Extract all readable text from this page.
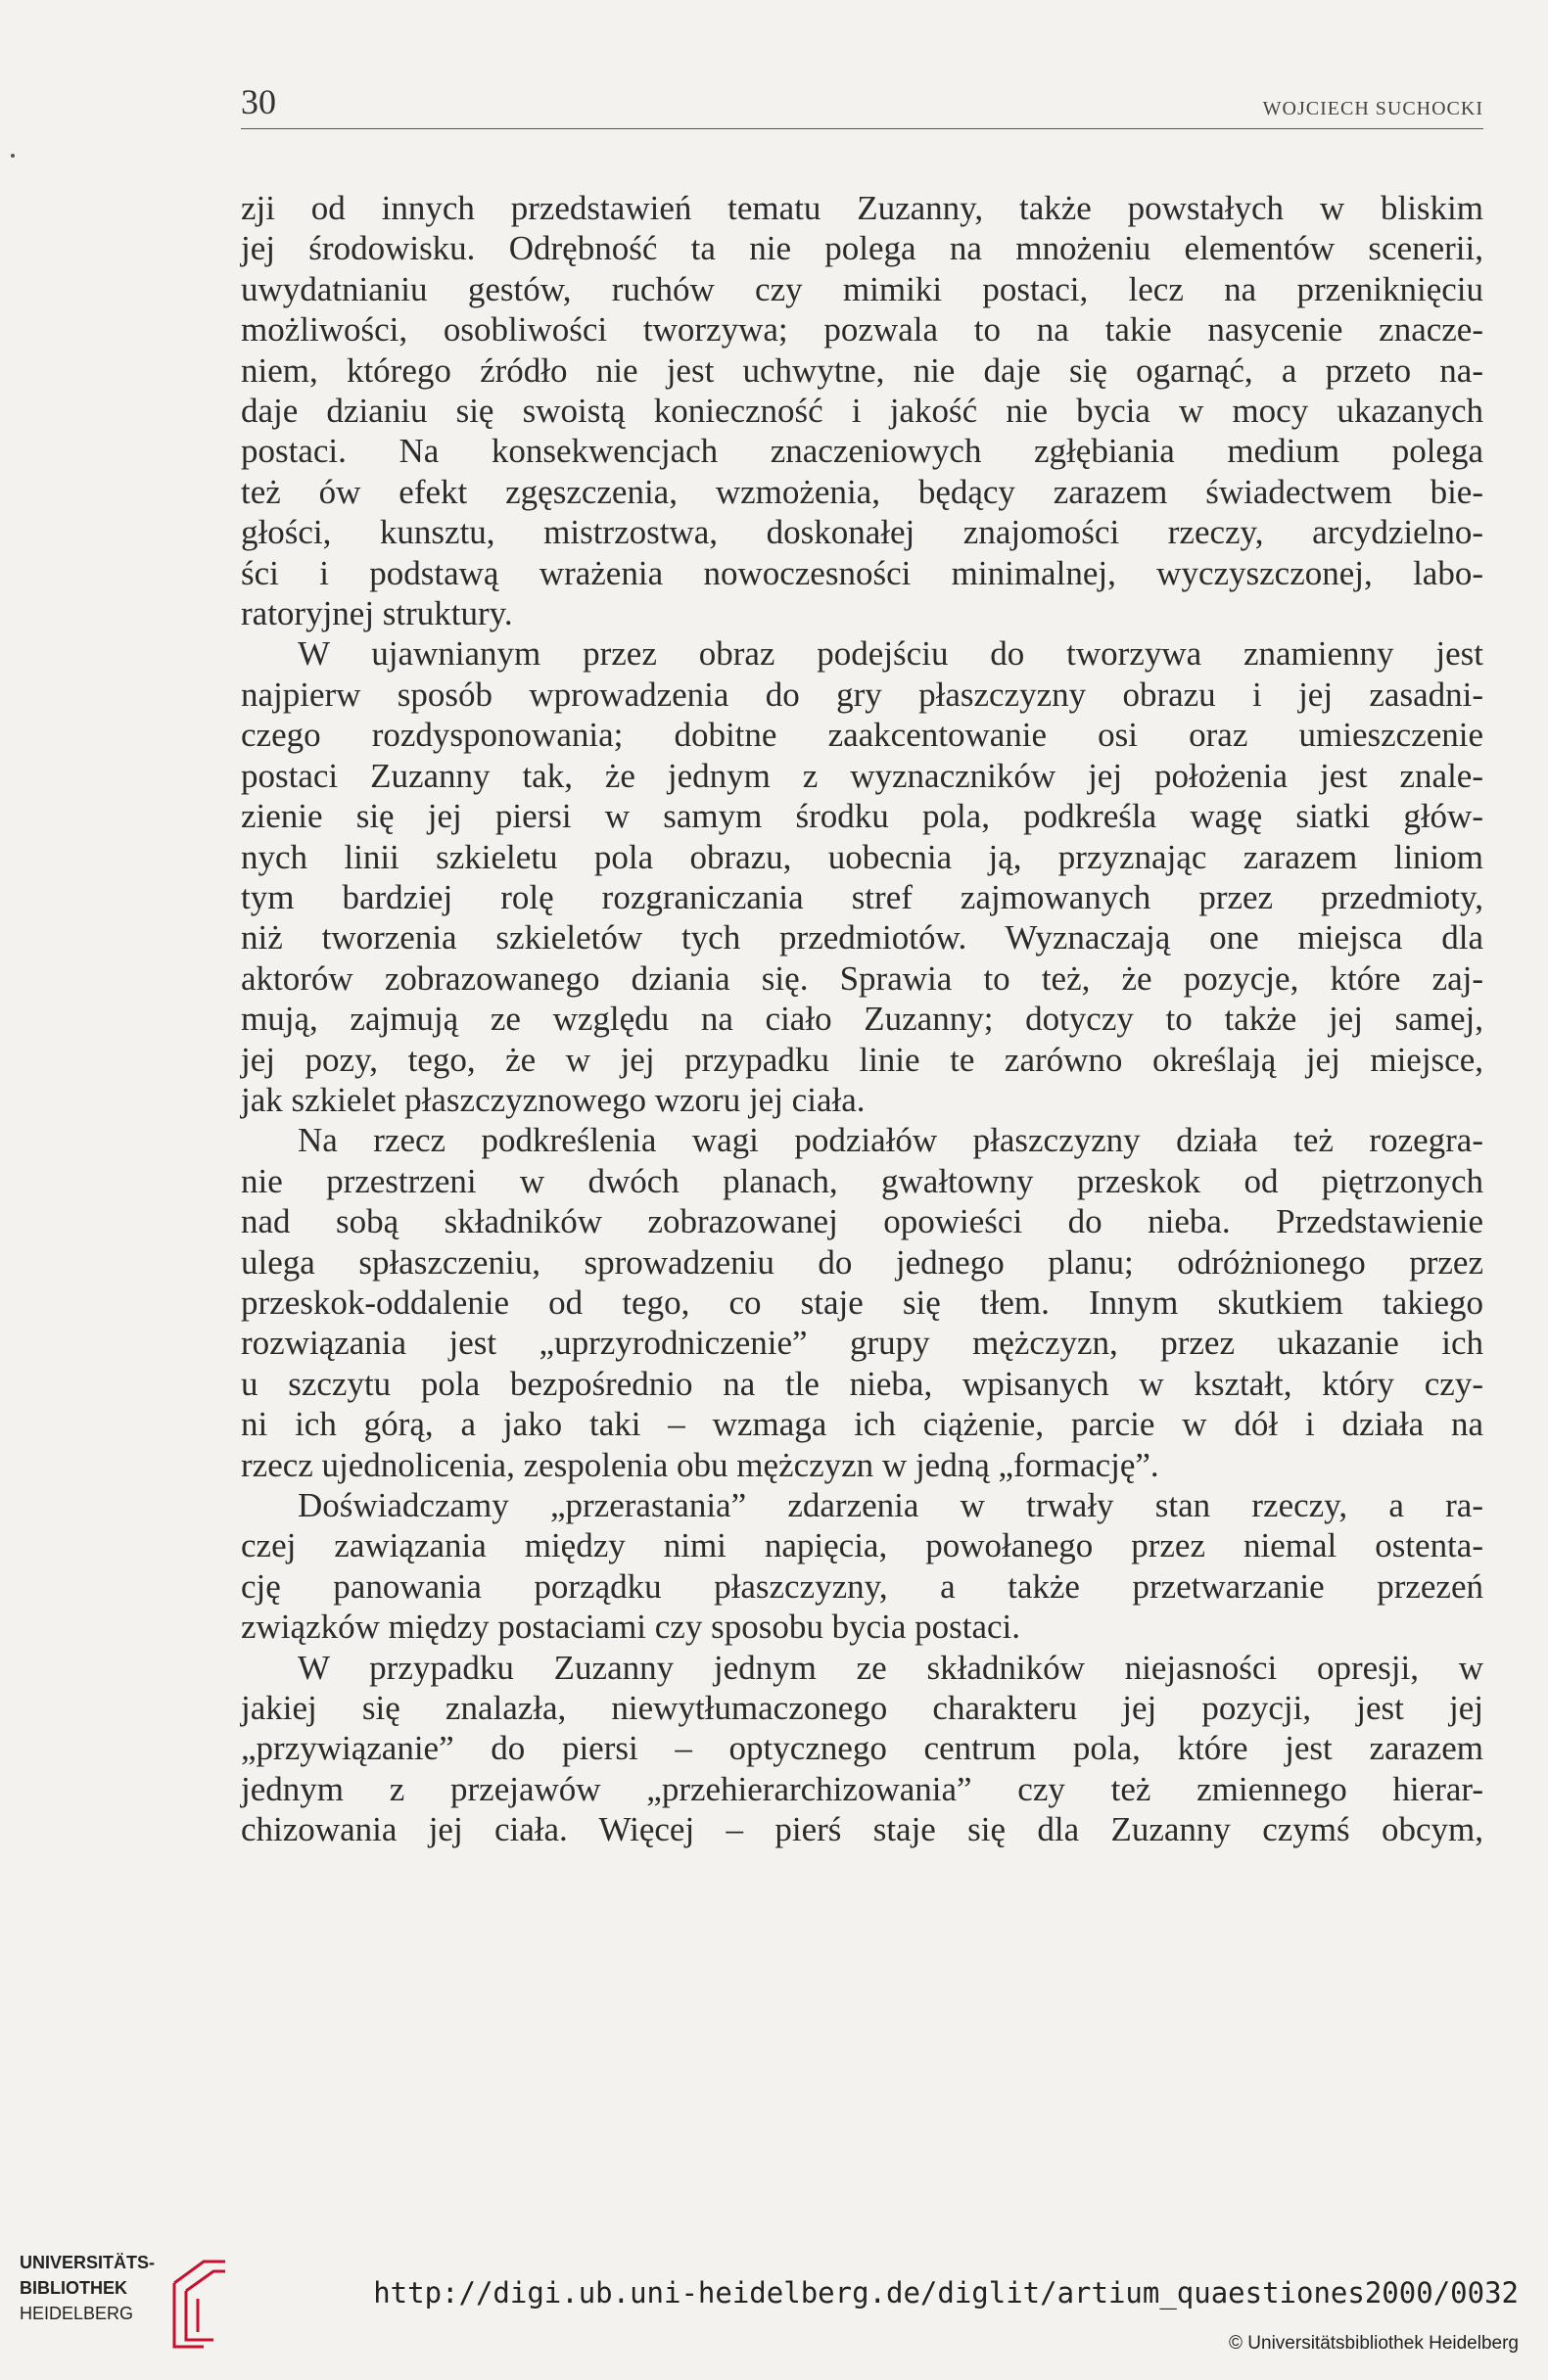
30	WOJCIECH SUCHOCKI
zji od innych przedstawień tematu Zuzanny, także powstałych w bliskim
jej środowisku. Odrębność ta nie polega na mnożeniu elementów scenerii,
uwydatnianiu gestów, ruchów czy mimiki postaci, lecz na przeniknięciu
możliwości, osobliwości tworzywa; pozwala to na takie nasycenie znacze-
niem, którego źródło nie jest uchwytne, nie daje się ogarnąć, a przeto na-
daje dzianiu się swoistą konieczność i jakość nie bycia w mocy ukazanych
postaci. Na konsekwencjach znaczeniowych zgłębiania medium polega
też ów efekt zgęszczenia, wzmożenia, będący zarazem świadectwem bie-
głości, kunsztu, mistrzostwa, doskonałej znajomości rzeczy, arcydzielno-
ści i podstawą wrażenia nowoczesności minimalnej, wyczyszczonej, labo-
ratoryjnej struktury.
W ujawnianym przez obraz podejściu do tworzywa znamienny jest
najpierw sposób wprowadzenia do gry płaszczyzny obrazu i jej zasadni-
czego rozdysponowania; dobitne zaakcentowanie osi oraz umieszczenie
postaci Zuzanny tak, że jednym z wyznaczników jej położenia jest znale-
zienie się jej piersi w samym środku pola, podkreśla wagę siatki głów-
nych linii szkieletu pola obrazu, uobecnia ją, przyznając zarazem liniom
tym bardziej rolę rozgraniczania stref zajmowanych przez przedmioty,
niż tworzenia szkieletów tych przedmiotów. Wyznaczają one miejsca dla
aktorów zobrazowanego dziania się. Sprawia to też, że pozycje, które zaj-
mują, zajmują ze względu na ciało Zuzanny; dotyczy to także jej samej,
jej pozy, tego, że w jej przypadku linie te zarówno określają jej miejsce,
jak szkielet płaszczyznowego wzoru jej ciała.
Na rzecz podkreślenia wagi podziałów płaszczyzny działa też rozegra-
nie przestrzeni w dwóch planach, gwałtowny przeskok od piętrzonych
nad sobą składników zobrazowanej opowieści do nieba. Przedstawienie
ulega spłaszczeniu, sprowadzeniu do jednego planu; odróżnionego przez
przeskok-oddalenie od tego, co staje się tłem. Innym skutkiem takiego
rozwiązania jest „uprzyrodniczenie” grupy mężczyzn, przez ukazanie ich
u szczytu pola bezpośrednio na tle nieba, wpisanych w kształt, który czy-
ni ich górą, a jako taki – wzmaga ich ciążenie, parcie w dół i działa na
rzecz ujednolicenia, zespolenia obu mężczyzn w jedną „formację”.
Doświadczamy „przerastania” zdarzenia w trwały stan rzeczy, a ra-
czej zawiązania między nimi napięcia, powołanego przez niemal ostenta-
cję panowania porządku płaszczyzny, a także przetwarzanie przezeń
związków między postaciami czy sposobu bycia postaci.
W przypadku Zuzanny jednym ze składników niejasności opresji, w
jakiej się znalazła, niewytłumaczonego charakteru jej pozycji, jest jej
„przywiązanie” do piersi – optycznego centrum pola, które jest zarazem
jednym z przejawów „przehierarchizowania” czy też zmiennego hierar-
chizowania jej ciała. Więcej – pierś staje się dla Zuzanny czymś obcym,
UNIVERSITÄTS-
BIBLIOTHEK
HEIDELBERG
http://digi.ub.uni-heidelberg.de/diglit/artium_quaestiones2000/0032
© Universitätsbibliothek Heidelberg
